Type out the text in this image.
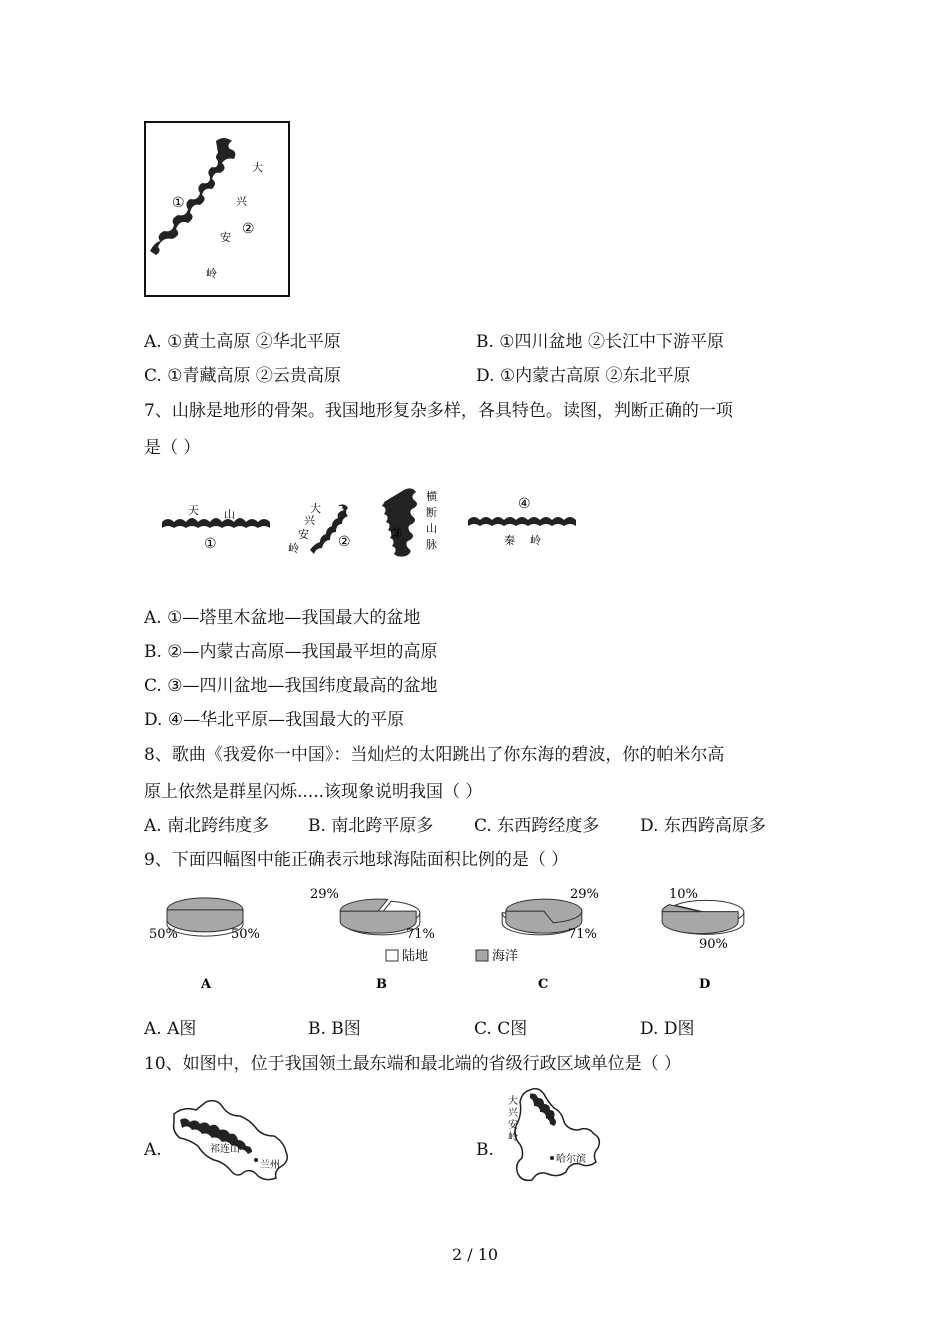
①
②
大
兴
安
岭
A. ①黄土高原 ②华北平原	B. ①四川盆地 ②长江中下游平原
C. ①青藏高原 ②云贵高原	D. ①内蒙古高原 ②东北平原
7、山脉是地形的骨架。我国地形复杂多样，各具特色。读图，判断正确的一项
是（ ）
天 山
①
大
兴
安
岭	②
横
断
山
脉
③
④
秦 岭
A. ①—塔里木盆地—我国最大的盆地
B. ②—内蒙古高原—我国最平坦的高原
C. ③—四川盆地—我国纬度最高的盆地
D. ④—华北平原—我国最大的平原
8、歌曲《我爱你一中国》：当灿烂的太阳跳出了你东海的碧波，你的帕米尔高
原上依然是群星闪烁.....该现象说明我国（ ）
A. 南北跨纬度多 B. 南北跨平原多 C. 东西跨经度多 D. 东西跨高原多
9、下面四幅图中能正确表示地球海陆面积比例的是（ ）
50%	50%
A
29%
71%
B
29%
71%
C
10%
90%
D
陆地	海洋
A. A图	B. B图	C. C图	D. D图
10、如图中，位于我国领土最东端和最北端的省级行政区域单位是（ ）
A.	祁连山
兰州
B.
大
兴
安
岭
哈尔滨
2 / 10
